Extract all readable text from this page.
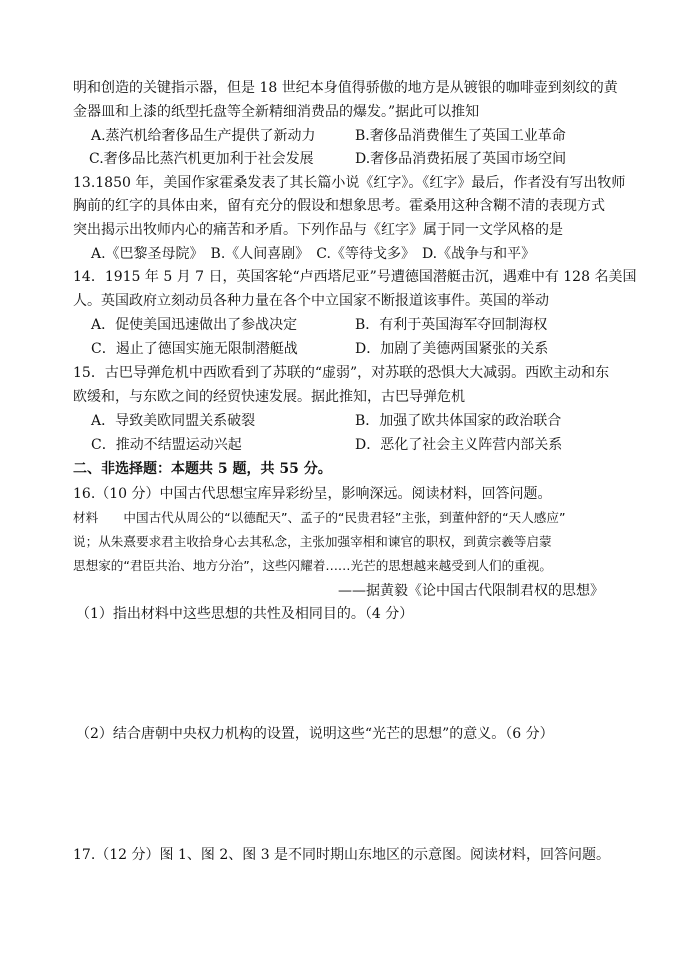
明和创造的关键指示器，但是 18 世纪本身值得骄傲的地方是从镀银的咖啡壶到刻纹的黄
金器皿和上漆的纸型托盘等全新精细消费品的爆发。”据此可以推知
A.蒸汽机给奢侈品生产提供了新动力	B.奢侈品消费催生了英国工业革命
C.奢侈品比蒸汽机更加利于社会发展	D.奢侈品消费拓展了英国市场空间
13.1850 年，美国作家霍桑发表了其长篇小说《红字》。《红字》最后，作者没有写出牧师
胸前的红字的具体由来，留有充分的假设和想象思考。霍桑用这种含糊不清的表现方式
突出揭示出牧师内心的痛苦和矛盾。下列作品与《红字》属于同一文学风格的是
A.《巴黎圣母院》　B.《人间喜剧》　C.《等待戈多》　D.《战争与和平》
14．1915 年 5 月 7 日，英国客轮“卢西塔尼亚”号遭德国潜艇击沉，遇难中有 128 名美国
人。英国政府立刻动员各种力量在各个中立国家不断报道该事件。英国的举动
A．促使美国迅速做出了参战决定	B．有利于英国海军夺回制海权
C．遏止了德国实施无限制潜艇战	D．加剧了美德两国紧张的关系
15．古巴导弹危机中西欧看到了苏联的“虚弱”，对苏联的恐惧大大减弱。西欧主动和东
欧缓和，与东欧之间的经贸快速发展。据此推知，古巴导弹危机
A．导致美欧同盟关系破裂	B．加强了欧共体国家的政治联合
C．推动不结盟运动兴起	D．恶化了社会主义阵营内部关系
二、非选择题：本题共 5 题，共 55 分。
16.（10 分）中国古代思想宝库异彩纷呈，影响深远。阅读材料，回答问题。
材料　　中国古代从周公的“以德配天”、孟子的“民贵君轻”主张，到董仲舒的“天人感应”
说；从朱熹要求君主收拾身心去其私念，主张加强宰相和谏官的职权，到黄宗羲等启蒙
思想家的“君臣共治、地方分治”，这些闪耀着……光芒的思想越来越受到人们的重视。
——据黄毅《论中国古代限制君权的思想》
（1）指出材料中这些思想的共性及相同目的。（4 分）
（2）结合唐朝中央权力机构的设置，说明这些“光芒的思想”的意义。（6 分）
17.（12 分）图 1、图 2、图 3 是不同时期山东地区的示意图。阅读材料，回答问题。
